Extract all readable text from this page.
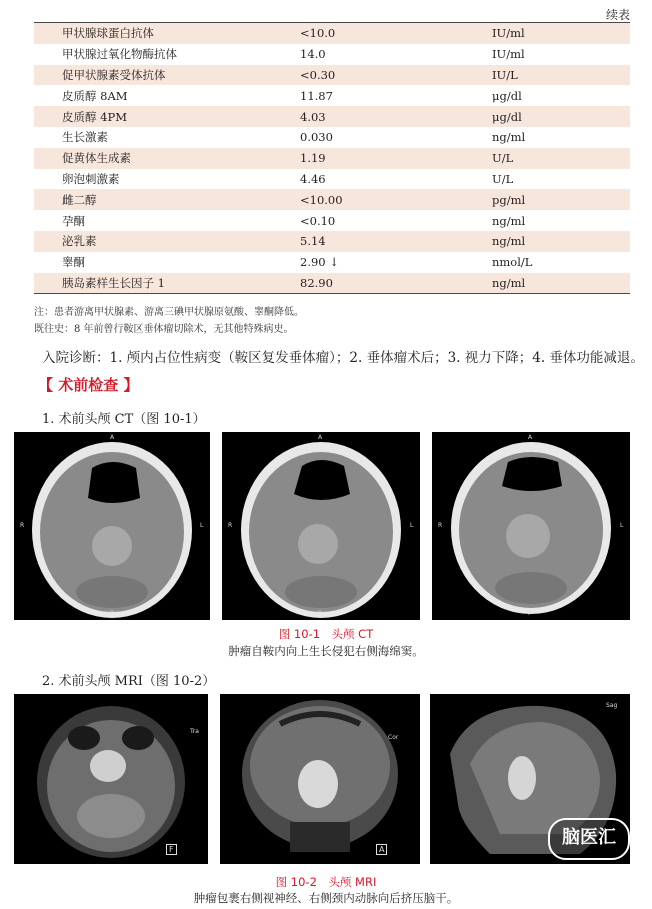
续表
甲状腺球蛋白抗体	<10.0	IU/ml
甲状腺过氧化物酶抗体	14.0	IU/ml
促甲状腺素受体抗体	<0.30	IU/L
皮质醇 8AM	11.87	μg/dl
皮质醇 4PM	4.03	μg/dl
生长激素	0.030	ng/ml
促黄体生成素	1.19	U/L
卵泡刺激素	4.46	U/L
雌二醇	<10.00	pg/ml
孕酮	<0.10	ng/ml
泌乳素	5.14	ng/ml
睾酮	2.90 ↓	nmol/L
胰岛素样生长因子 1	82.90	ng/ml
注：患者游离甲状腺素、游离三碘甲状腺原氨酸、睾酮降低。
既往史：8 年前曾行鞍区垂体瘤切除术，无其他特殊病史。
入院诊断：1. 颅内占位性病变（鞍区复发垂体瘤）；2. 垂体瘤术后；3. 视力下降；4. 垂体功能减退。
【 术前检查 】
1. 术前头颅 CT（图 10-1）
A
R	L
P
A
R	L
P
A
R	L
P
图 10-1　头颅 CT
肿瘤自鞍内向上生长侵犯右侧海绵窦。
2. 术前头颅 MRI（图 10-2）
Tra
F
Cor
A
Sag
脑医汇
图 10-2　头颅 MRI
肿瘤包裹右侧视神经、右侧颈内动脉向后挤压脑干。
